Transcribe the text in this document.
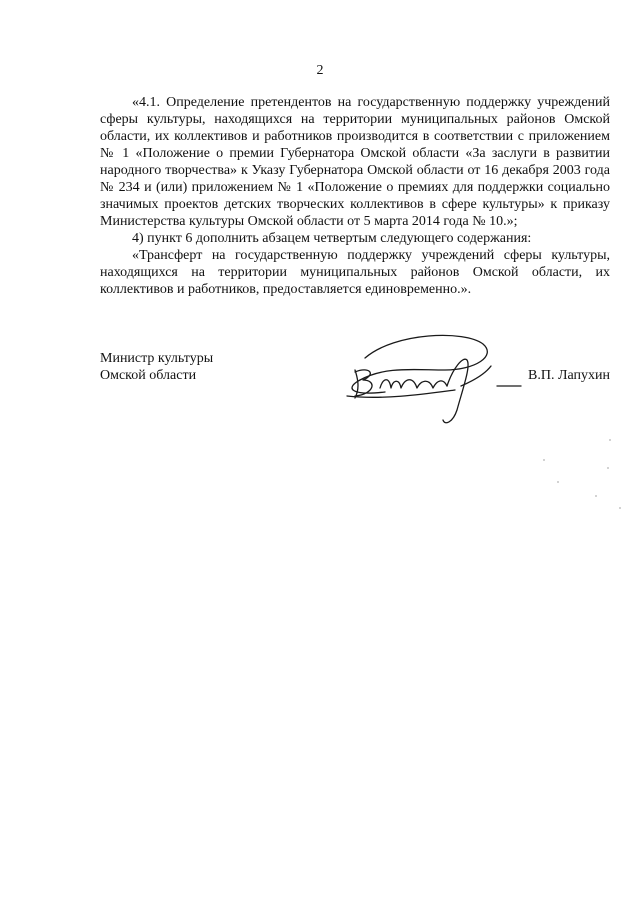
2

«4.1. Определение претендентов на государственную поддержку учреждений сферы культуры, находящихся на территории муниципальных районов Омской области, их коллективов и работников производится в соответствии с приложением № 1 «Положение о премии Губернатора Омской области «За заслуги в развитии народного творчества» к Указу Губернатора Омской области от 16 декабря 2003 года № 234 и (или) приложением № 1 «Положение о премиях для поддержки социально значимых проектов детских творческих коллективов в сфере культуры» к приказу Министерства культуры Омской области от 5 марта 2014 года № 10.»;

4) пункт 6 дополнить абзацем четвертым следующего содержания:

«Трансферт на государственную поддержку учреждений сферы культуры, находящихся на территории муниципальных районов Омской области, их коллективов и работников, предоставляется единовременно.».

Министр культуры
Омской области	В.П. Лапухин
